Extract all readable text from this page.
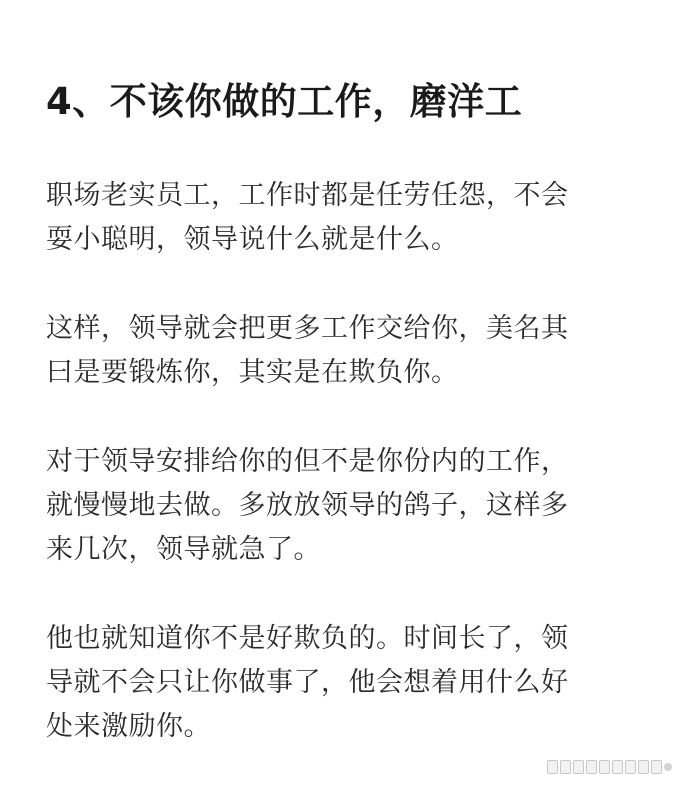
4、不该你做的工作，磨洋工

职场老实员工，工作时都是任劳任怨，不会
耍小聪明，领导说什么就是什么。

这样，领导就会把更多工作交给你，美名其
曰是要锻炼你，其实是在欺负你。

对于领导安排给你的但不是你份内的工作，
就慢慢地去做。多放放领导的鸽子，这样多
来几次，领导就急了。

他也就知道你不是好欺负的。时间长了，领
导就不会只让你做事了，他会想着用什么好
处来激励你。
